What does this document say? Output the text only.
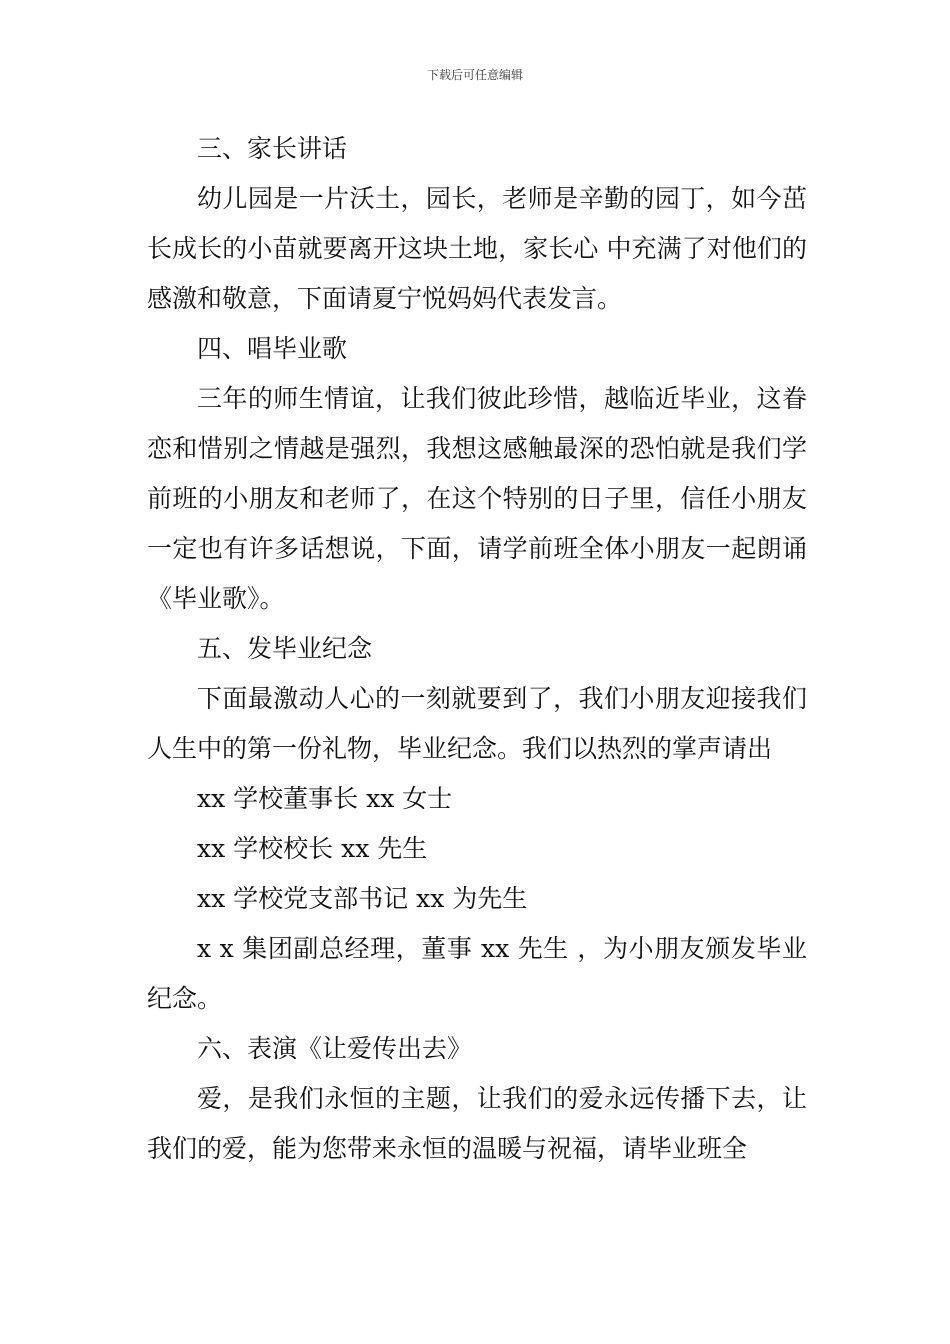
下载后可任意编辑

三、家长讲话

幼儿园是一片沃土，园长，老师是辛勤的园丁，如今茁长成长的小苗就要离开这块土地，家长心 中充满了对他们的感激和敬意，下面请夏宁悦妈妈代表发言。

四、唱毕业歌

三年的师生情谊，让我们彼此珍惜，越临近毕业，这眷恋和惜别之情越是强烈，我想这感触最深的恐怕就是我们学前班的小朋友和老师了，在这个特别的日子里，信任小朋友一定也有许多话想说，下面，请学前班全体小朋友一起朗诵《毕业歌》。

五、发毕业纪念

下面最激动人心的一刻就要到了，我们小朋友迎接我们人生中的第一份礼物，毕业纪念。我们以热烈的掌声请出

xx 学校董事长 xx 女士

xx 学校校长 xx 先生

xx 学校党支部书记 xx 为先生

x x 集团副总经理，董事 xx 先生 ，为小朋友颁发毕业纪念。

六、表演《让爱传出去》

爱，是我们永恒的主题，让我们的爱永远传播下去，让我们的爱，能为您带来永恒的温暖与祝福，请毕业班全
